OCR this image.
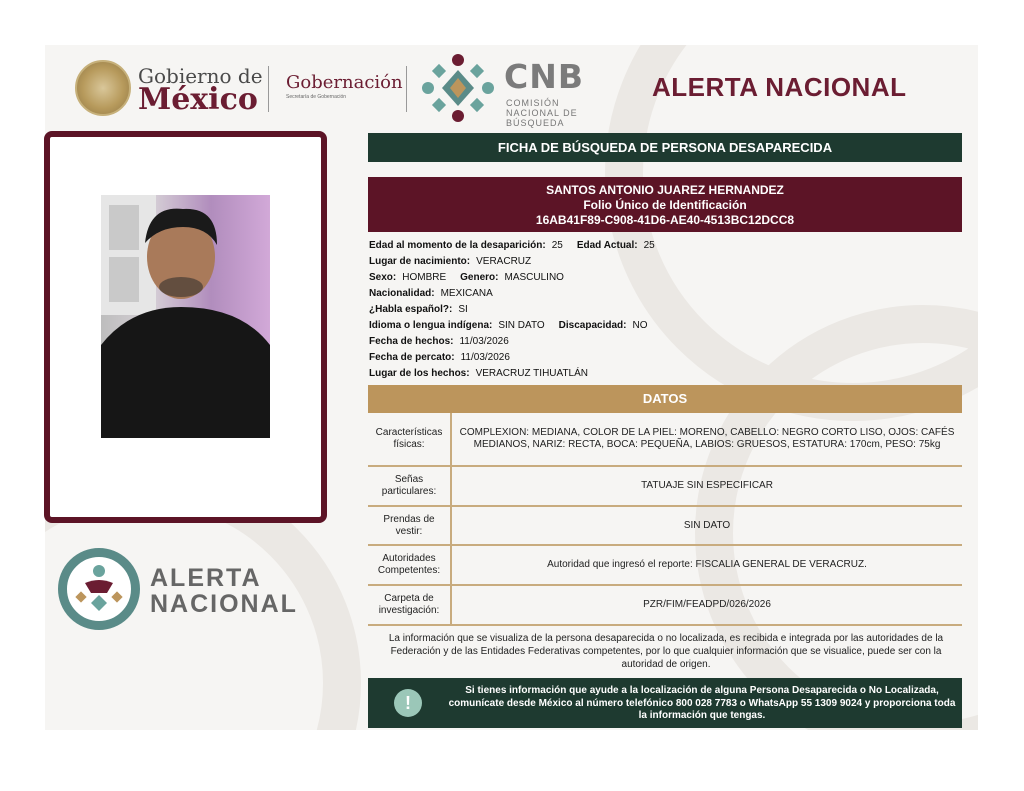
Gobierno de
México Gobernación
Secretaría de Gobernación
CNB
COMISIÓN NACIONAL DE BÚSQUEDA
ALERTA NACIONAL
ALERTA
NACIONAL
FICHA DE BÚSQUEDA DE PERSONA DESAPARECIDA
SANTOS ANTONIO JUAREZ HERNANDEZ
Folio Único de Identificación
16AB41F89-C908-41D6-AE40-4513BC12DCC8
Edad al momento de la desaparición: 25 Edad Actual: 25
Lugar de nacimiento: VERACRUZ
Sexo: HOMBRE Genero: MASCULINO
Nacionalidad: MEXICANA
¿Habla español?: SI
Idioma o lengua indígena: SIN DATO Discapacidad: NO
Fecha de hechos: 11/03/2026
Fecha de percato: 11/03/2026
Lugar de los hechos: VERACRUZ TIHUATLÁN
DATOS
Características físicas:	COMPLEXION: MEDIANA, COLOR DE LA PIEL: MORENO, CABELLO: NEGRO CORTO LISO, OJOS: CAFÉS MEDIANOS, NARIZ: RECTA, BOCA: PEQUEÑA, LABIOS: GRUESOS, ESTATURA: 170cm, PESO: 75kg
Señas particulares:	TATUAJE SIN ESPECIFICAR
Prendas de vestir:	SIN DATO
Autoridades Competentes:	Autoridad que ingresó el reporte: FISCALIA GENERAL DE VERACRUZ.
Carpeta de investigación:	PZR/FIM/FEADPD/026/2026
La información que se visualiza de la persona desaparecida o no localizada, es recibida e integrada por las autoridades de la Federación y de las Entidades Federativas competentes, por lo que cualquier información que se visualice, puede ser con la autoridad de origen.
!
Si tienes información que ayude a la localización de alguna Persona Desaparecida o No Localizada, comunícate desde México al número telefónico 800 028 7783 o WhatsApp 55 1309 9024 y proporciona toda la información que tengas.
